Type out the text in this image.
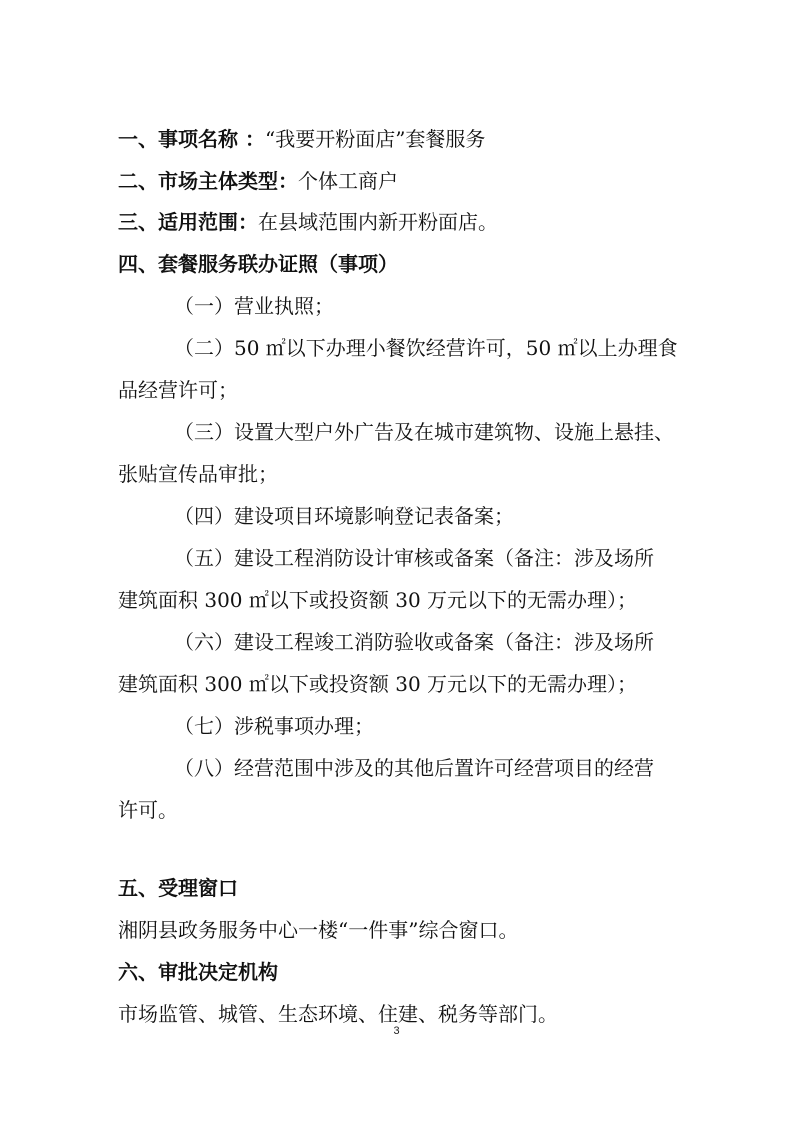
一、事项名称 ：“我要开粉面店”套餐服务
二、市场主体类型：个体工商户
三、适用范围：在县域范围内新开粉面店。
四、套餐服务联办证照（事项）
（一）营业执照；
（二）50 ㎡以下办理小餐饮经营许可，50 ㎡以上办理食
品经营许可；
（三）设置大型户外广告及在城市建筑物、设施上悬挂、
张贴宣传品审批；
（四）建设项目环境影响登记表备案；
（五）建设工程消防设计审核或备案（备注：涉及场所
建筑面积 300 ㎡以下或投资额 30 万元以下的无需办理）；
（六）建设工程竣工消防验收或备案（备注：涉及场所
建筑面积 300 ㎡以下或投资额 30 万元以下的无需办理）；
（七）涉税事项办理；
（八）经营范围中涉及的其他后置许可经营项目的经营
许可。
五、受理窗口
湘阴县政务服务中心一楼“一件事”综合窗口。
六、审批决定机构
市场监管、城管、生态环境、住建、税务等部门。
3
